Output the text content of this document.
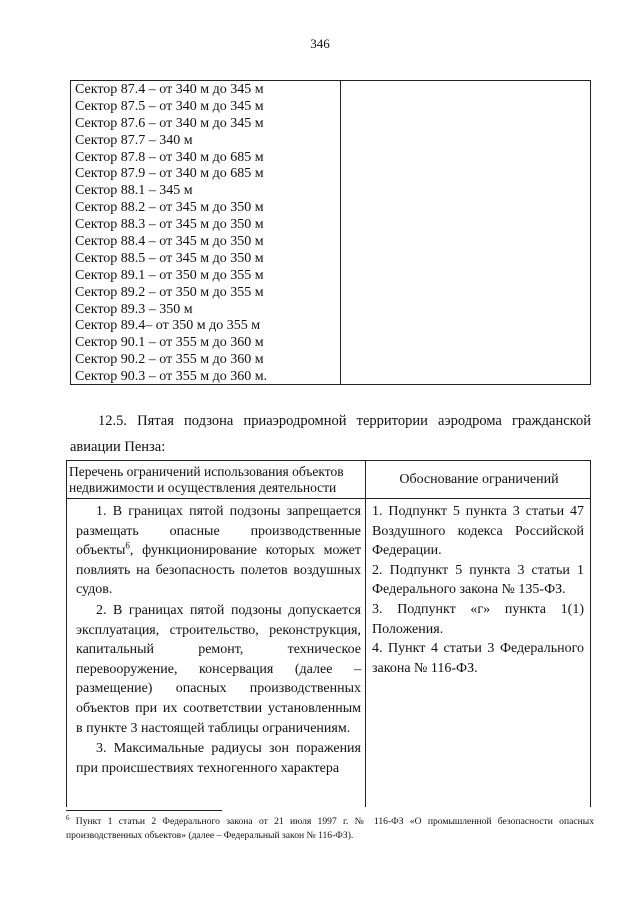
346
Сектор 87.4 – от 340 м до 345 м
Сектор 87.5 – от 340 м до 345 м
Сектор 87.6 – от 340 м до 345 м
Сектор 87.7 – 340 м
Сектор 87.8 – от 340 м до 685 м
Сектор 87.9 – от 340 м до 685 м
Сектор 88.1 – 345 м
Сектор 88.2 – от 345 м до 350 м
Сектор 88.3 – от 345 м до 350 м
Сектор 88.4 – от 345 м до 350 м
Сектор 88.5 – от 345 м до 350 м
Сектор 89.1 – от 350 м до 355 м
Сектор 89.2 – от 350 м до 355 м
Сектор 89.3 – 350 м
Сектор 89.4– от 350 м до 355 м
Сектор 90.1 – от 355 м до 360 м
Сектор 90.2 – от 355 м до 360 м
Сектор 90.3 – от 355 м до 360 м.
12.5. Пятая подзона приаэродромной территории аэродрома гражданской
авиации Пенза:
Перечень ограничений использования объектов недвижимости и осуществления деятельности
Обоснование ограничений

1. В границах пятой подзоны запрещается размещать опасные производственные объекты$^6$, функционирование которых может повлиять на безопасность полетов воздушных судов.

2. В границах пятой подзоны допускается эксплуатация, строительство, реконструкция, капитальный ремонт, техническое перевооружение, консервация (далее – размещение) опасных производственных объектов при их соответствии установленным в пункте 3 настоящей таблицы ограничениям.

3. Максимальные радиусы зон поражения при происшествиях техногенного характера

1. Подпункт 5 пункта 3 статьи 47 Воздушного кодекса Российской Федерации.

2. Подпункт 5 пункта 3 статьи 1 Федерального закона № 135-ФЗ.

3. Подпункт «г» пункта 1(1) Положения.

4. Пункт 4 статьи 3 Федерального закона № 116-ФЗ.

$^6$ Пункт 1 статьи 2 Федерального закона от 21 июля 1997 г. № 116-ФЗ «О промышленной безопасности опасных производственных объектов» (далее – Федеральный закон № 116-ФЗ).
